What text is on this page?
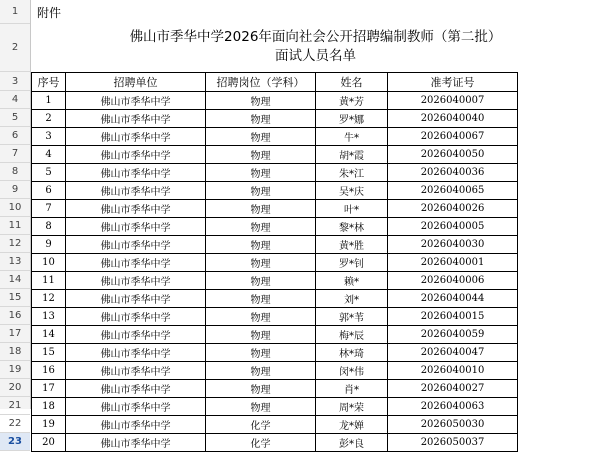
1
2
3
4
5
6
7
8
9
10
11
12
13
14
15
16
17
18
19
20
21
22
23
附件
佛山市季华中学2026年面向社会公开招聘编制教师（第二批）
面试人员名单
序号	招聘单位	招聘岗位（学科）	姓名	准考证号
1	佛山市季华中学	物理	黄*芳	2026040007
2	佛山市季华中学	物理	罗*娜	2026040040
3	佛山市季华中学	物理	牛*	2026040067
4	佛山市季华中学	物理	胡*霞	2026040050
5	佛山市季华中学	物理	朱*江	2026040036
6	佛山市季华中学	物理	吴*庆	2026040065
7	佛山市季华中学	物理	叶*	2026040026
8	佛山市季华中学	物理	黎*林	2026040005
9	佛山市季华中学	物理	黄*胜	2026040030
10	佛山市季华中学	物理	罗*钊	2026040001
11	佛山市季华中学	物理	赖*	2026040006
12	佛山市季华中学	物理	刘*	2026040044
13	佛山市季华中学	物理	郭*苇	2026040015
14	佛山市季华中学	物理	梅*辰	2026040059
15	佛山市季华中学	物理	林*琦	2026040047
16	佛山市季华中学	物理	闵*伟	2026040010
17	佛山市季华中学	物理	肖*	2026040027
18	佛山市季华中学	物理	周*荣	2026040063
19	佛山市季华中学	化学	龙*婵	2026050030
20	佛山市季华中学	化学	彭*良	2026050037
